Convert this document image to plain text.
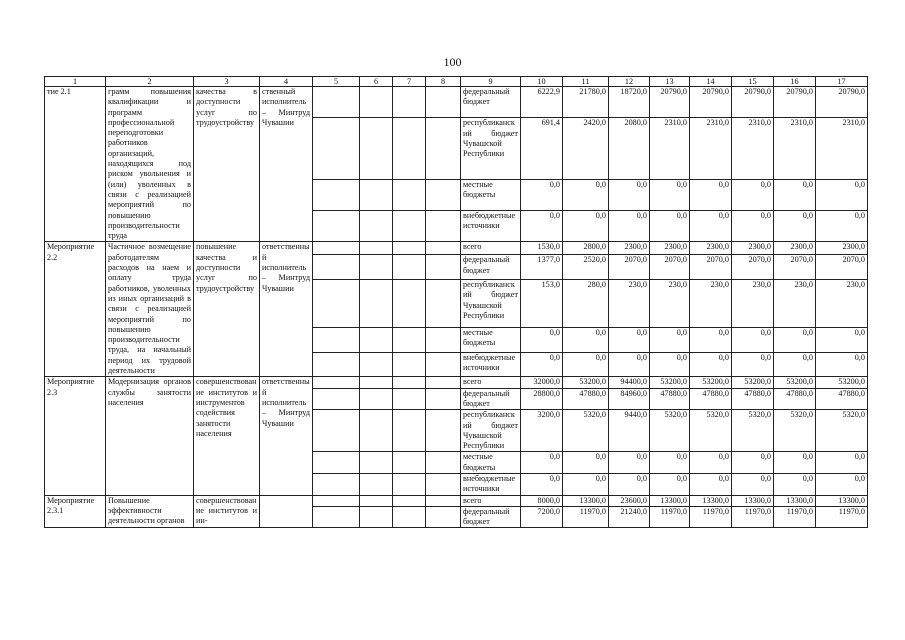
100
1	2	3	4	5	6	7	8	9	10	11	12	13	14	15	16	17
тие 2.1	грамм повышения квалификации и программ профессиональной переподготовки работников организаций, находящихся под риском увольнения и (или) уволенных в связи с реализацией мероприятий по повышению производительности труда	качества в доступности услуг по трудоустройству	ственный исполнитель – Минтруд Чувашии					федеральный бюджет	6222,9	21780,0	18720,0	20790,0	20790,0	20790,0	20790,0	20790,0
								республиканский бюджет Чувашской Республики	691,4	2420,0	2080,0	2310,0	2310,0	2310,0	2310,0	2310,0
								местные бюджеты	0,0	0,0	0,0	0,0	0,0	0,0	0,0	0,0
								внебюджетные источники	0,0	0,0	0,0	0,0	0,0	0,0	0,0	0,0
Мероприятие 2.2	Частичное возмещение работодателям расходов на наем и оплату труда работников, уволенных из иных организаций в связи с реализацией мероприятий по повышению производительности труда, на начальный период их трудовой деятельности	повышение качества и доступности услуг по трудоустройству	ответственный исполнитель – Минтруд Чувашии					всего	1530,0	2800,0	2300,0	2300,0	2300,0	2300,0	2300,0	2300,0
								федеральный бюджет	1377,0	2520,0	2070,0	2070,0	2070,0	2070,0	2070,0	2070,0
								республиканский бюджет Чувашской Республики	153,0	280,0	230,0	230,0	230,0	230,0	230,0	230,0
								местные бюджеты	0,0	0,0	0,0	0,0	0,0	0,0	0,0	0,0
								внебюджетные источники	0,0	0,0	0,0	0,0	0,0	0,0	0,0	0,0
Мероприятие 2.3	Модернизация органов службы занятости населения	совершенствование институтов и инструментов содействия занятости населения	ответственный исполнитель – Минтруд Чувашии					всего	32000,0	53200,0	94400,0	53200,0	53200,0	53200,0	53200,0	53200,0
								федеральный бюджет	28800,0	47880,0	84960,0	47880,0	47880,0	47880,0	47880,0	47880,0
								республиканский бюджет Чувашской Республики	3200,0	5320,0	9440,0	5320,0	5320,0	5320,0	5320,0	5320,0
								местные бюджеты	0,0	0,0	0,0	0,0	0,0	0,0	0,0	0,0
								внебюджетные источники	0,0	0,0	0,0	0,0	0,0	0,0	0,0	0,0
Мероприятие 2.3.1	Повышение эффективности деятельности органов	совершенствование институтов и ин-						всего	8000,0	13300,0	23600,0	13300,0	13300,0	13300,0	13300,0	13300,0
								федеральный бюджет	7200,0	11970,0	21240,0	11970,0	11970,0	11970,0	11970,0	11970,0
